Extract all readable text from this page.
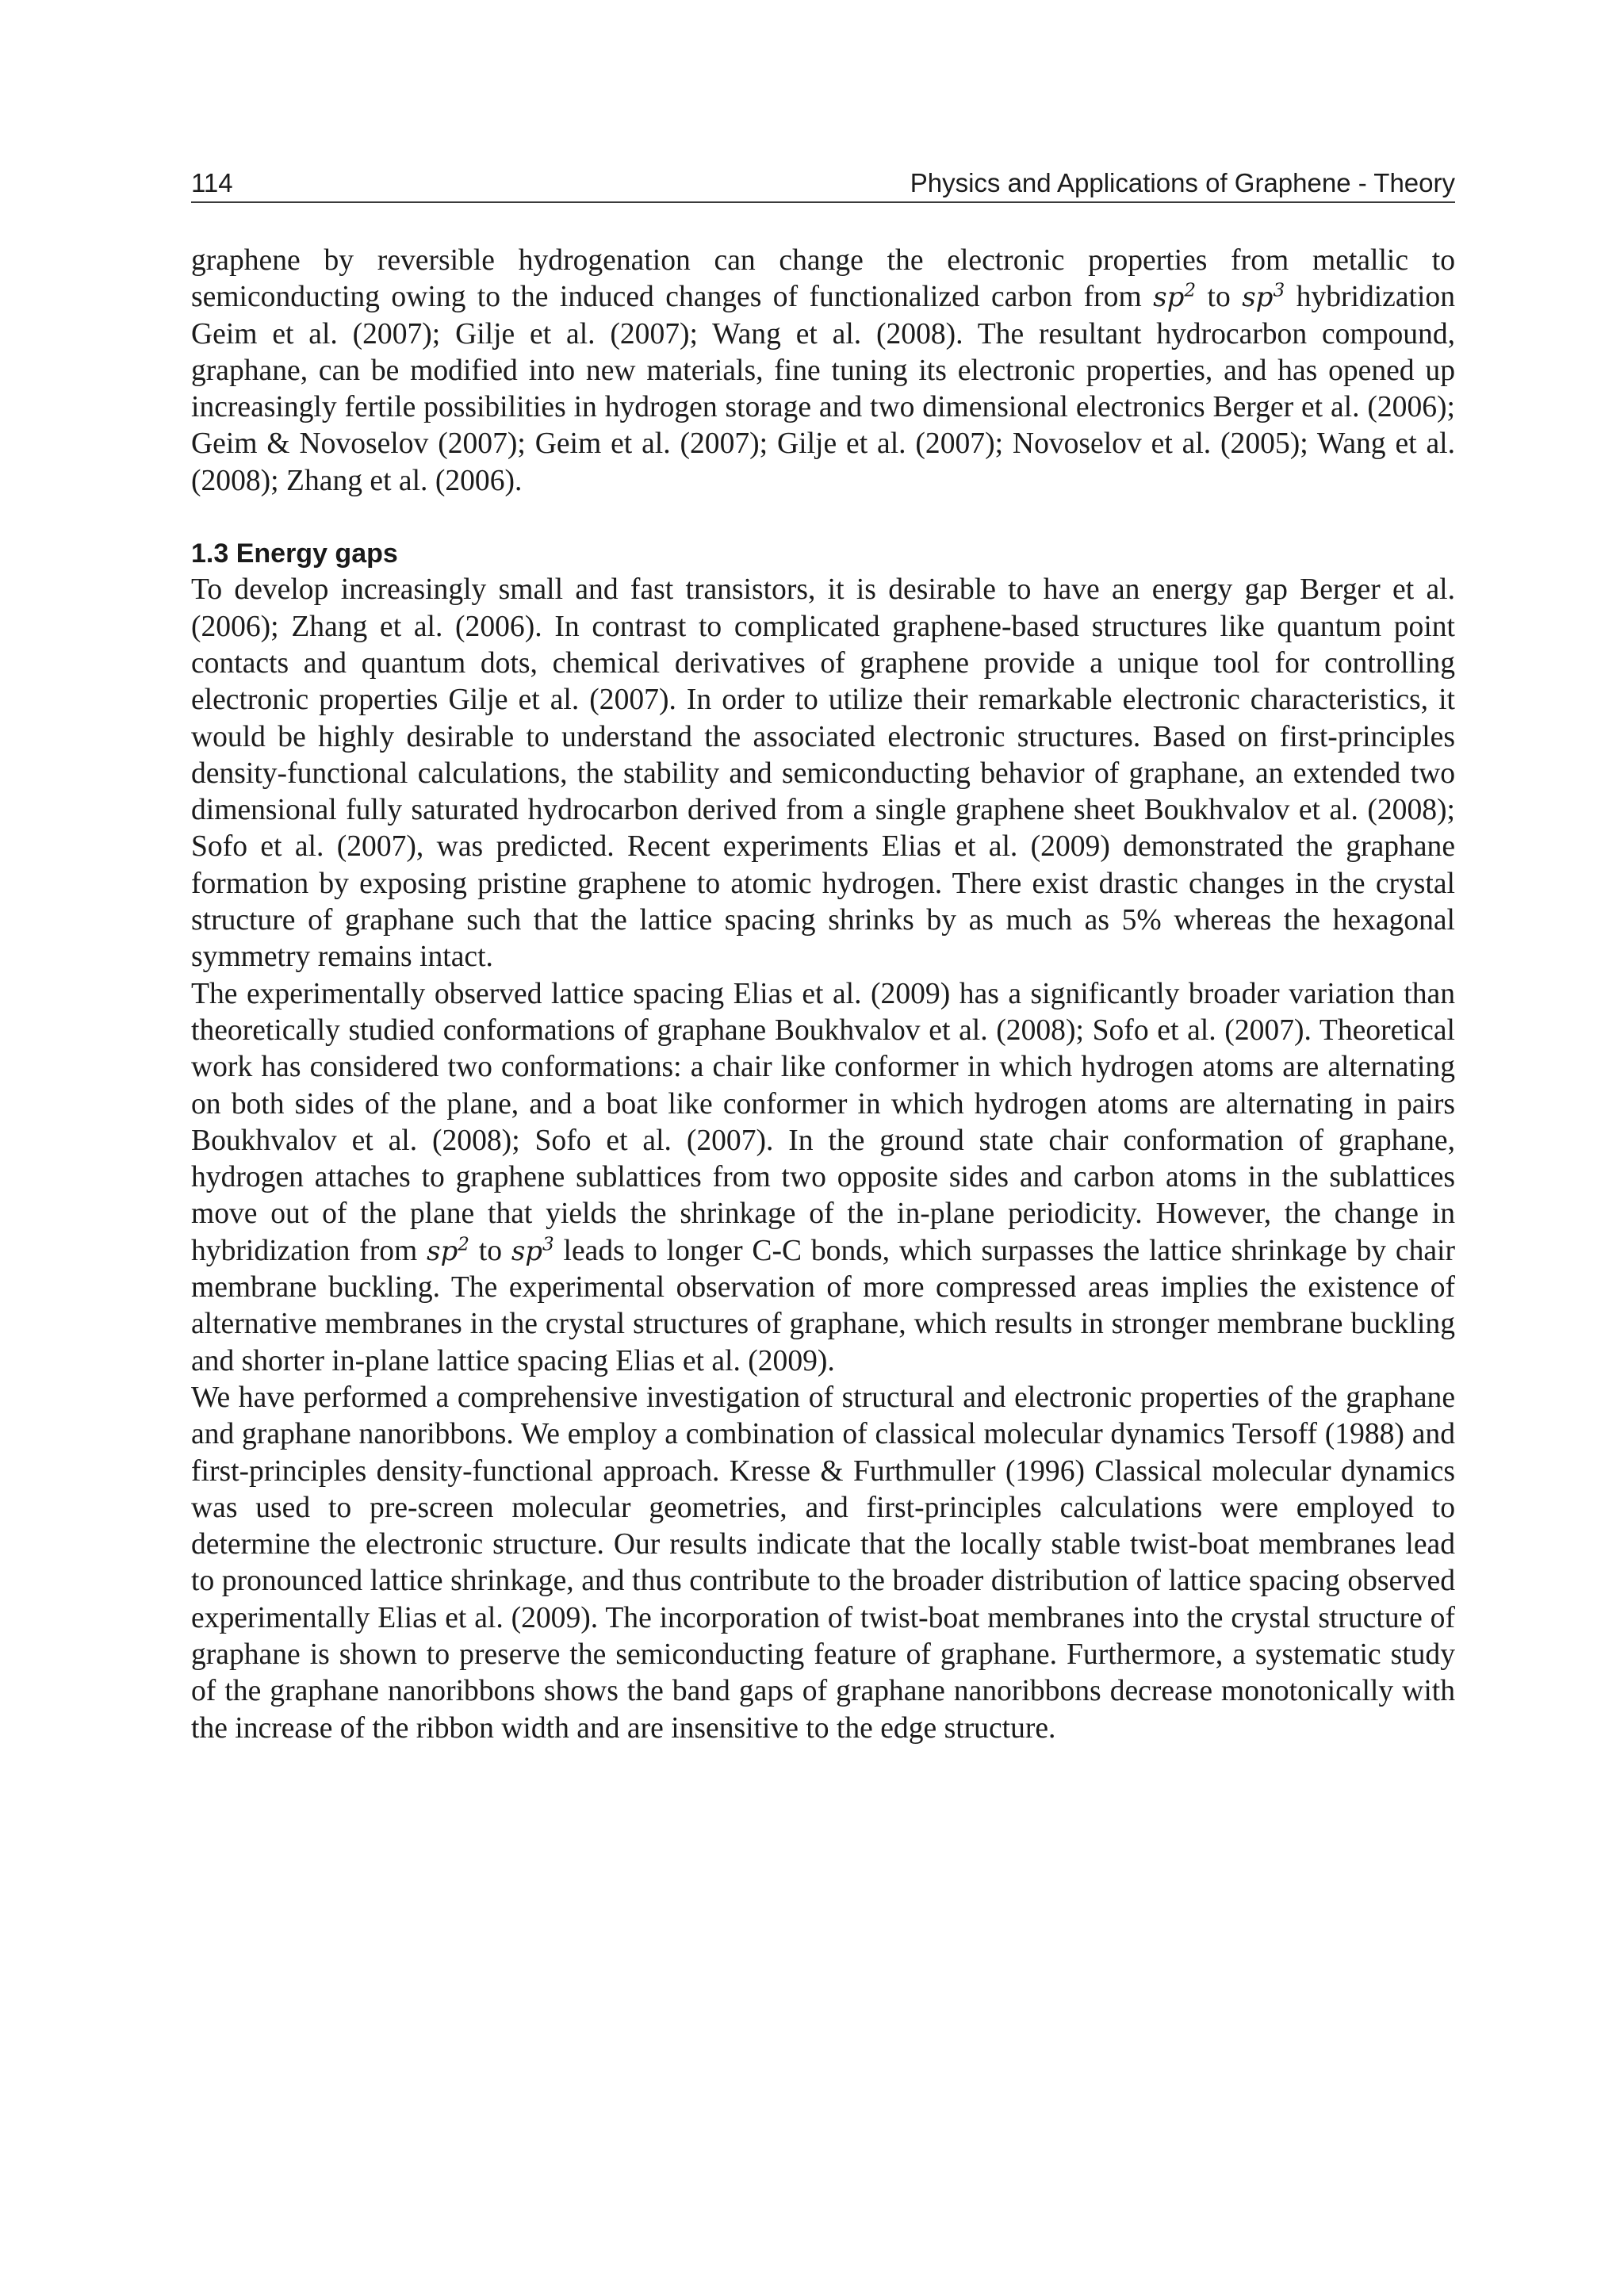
114	Physics and Applications of Graphene - Theory

graphene by reversible hydrogenation can change the electronic properties from metallic to semiconducting owing to the induced changes of functionalized carbon from $sp^2$ to $sp^3$ hybridization Geim et al. (2007); Gilje et al. (2007); Wang et al. (2008). The resultant hydrocarbon compound, graphane, can be modified into new materials, fine tuning its electronic properties, and has opened up increasingly fertile possibilities in hydrogen storage and two dimensional electronics Berger et al. (2006); Geim & Novoselov (2007); Geim et al. (2007); Gilje et al. (2007); Novoselov et al. (2005); Wang et al. (2008); Zhang et al. (2006).

1.3 Energy gaps

To develop increasingly small and fast transistors, it is desirable to have an energy gap Berger et al. (2006); Zhang et al. (2006). In contrast to complicated graphene-based structures like quantum point contacts and quantum dots, chemical derivatives of graphene provide a unique tool for controlling electronic properties Gilje et al. (2007). In order to utilize their remarkable electronic characteristics, it would be highly desirable to understand the associated electronic structures. Based on first-principles density-functional calculations, the stability and semiconducting behavior of graphane, an extended two dimensional fully saturated hydrocarbon derived from a single graphene sheet Boukhvalov et al. (2008); Sofo et al. (2007), was predicted. Recent experiments Elias et al. (2009) demonstrated the graphane formation by exposing pristine graphene to atomic hydrogen. There exist drastic changes in the crystal structure of graphane such that the lattice spacing shrinks by as much as 5% whereas the hexagonal symmetry remains intact.

The experimentally observed lattice spacing Elias et al. (2009) has a significantly broader variation than theoretically studied conformations of graphane Boukhvalov et al. (2008); Sofo et al. (2007). Theoretical work has considered two conformations: a chair like conformer in which hydrogen atoms are alternating on both sides of the plane, and a boat like conformer in which hydrogen atoms are alternating in pairs Boukhvalov et al. (2008); Sofo et al. (2007). In the ground state chair conformation of graphane, hydrogen attaches to graphene sublattices from two opposite sides and carbon atoms in the sublattices move out of the plane that yields the shrinkage of the in-plane periodicity. However, the change in hybridization from $sp^2$ to $sp^3$ leads to longer C-C bonds, which surpasses the lattice shrinkage by chair membrane buckling. The experimental observation of more compressed areas implies the existence of alternative membranes in the crystal structures of graphane, which results in stronger membrane buckling and shorter in-plane lattice spacing Elias et al. (2009).

We have performed a comprehensive investigation of structural and electronic properties of the graphane and graphane nanoribbons. We employ a combination of classical molecular dynamics Tersoff (1988) and first-principles density-functional approach. Kresse & Furthmuller (1996) Classical molecular dynamics was used to pre-screen molecular geometries, and first-principles calculations were employed to determine the electronic structure. Our results indicate that the locally stable twist-boat membranes lead to pronounced lattice shrinkage, and thus contribute to the broader distribution of lattice spacing observed experimentally Elias et al. (2009). The incorporation of twist-boat membranes into the crystal structure of graphane is shown to preserve the semiconducting feature of graphane. Furthermore, a systematic study of the graphane nanoribbons shows the band gaps of graphane nanoribbons decrease monotonically with the increase of the ribbon width and are insensitive to the edge structure.
